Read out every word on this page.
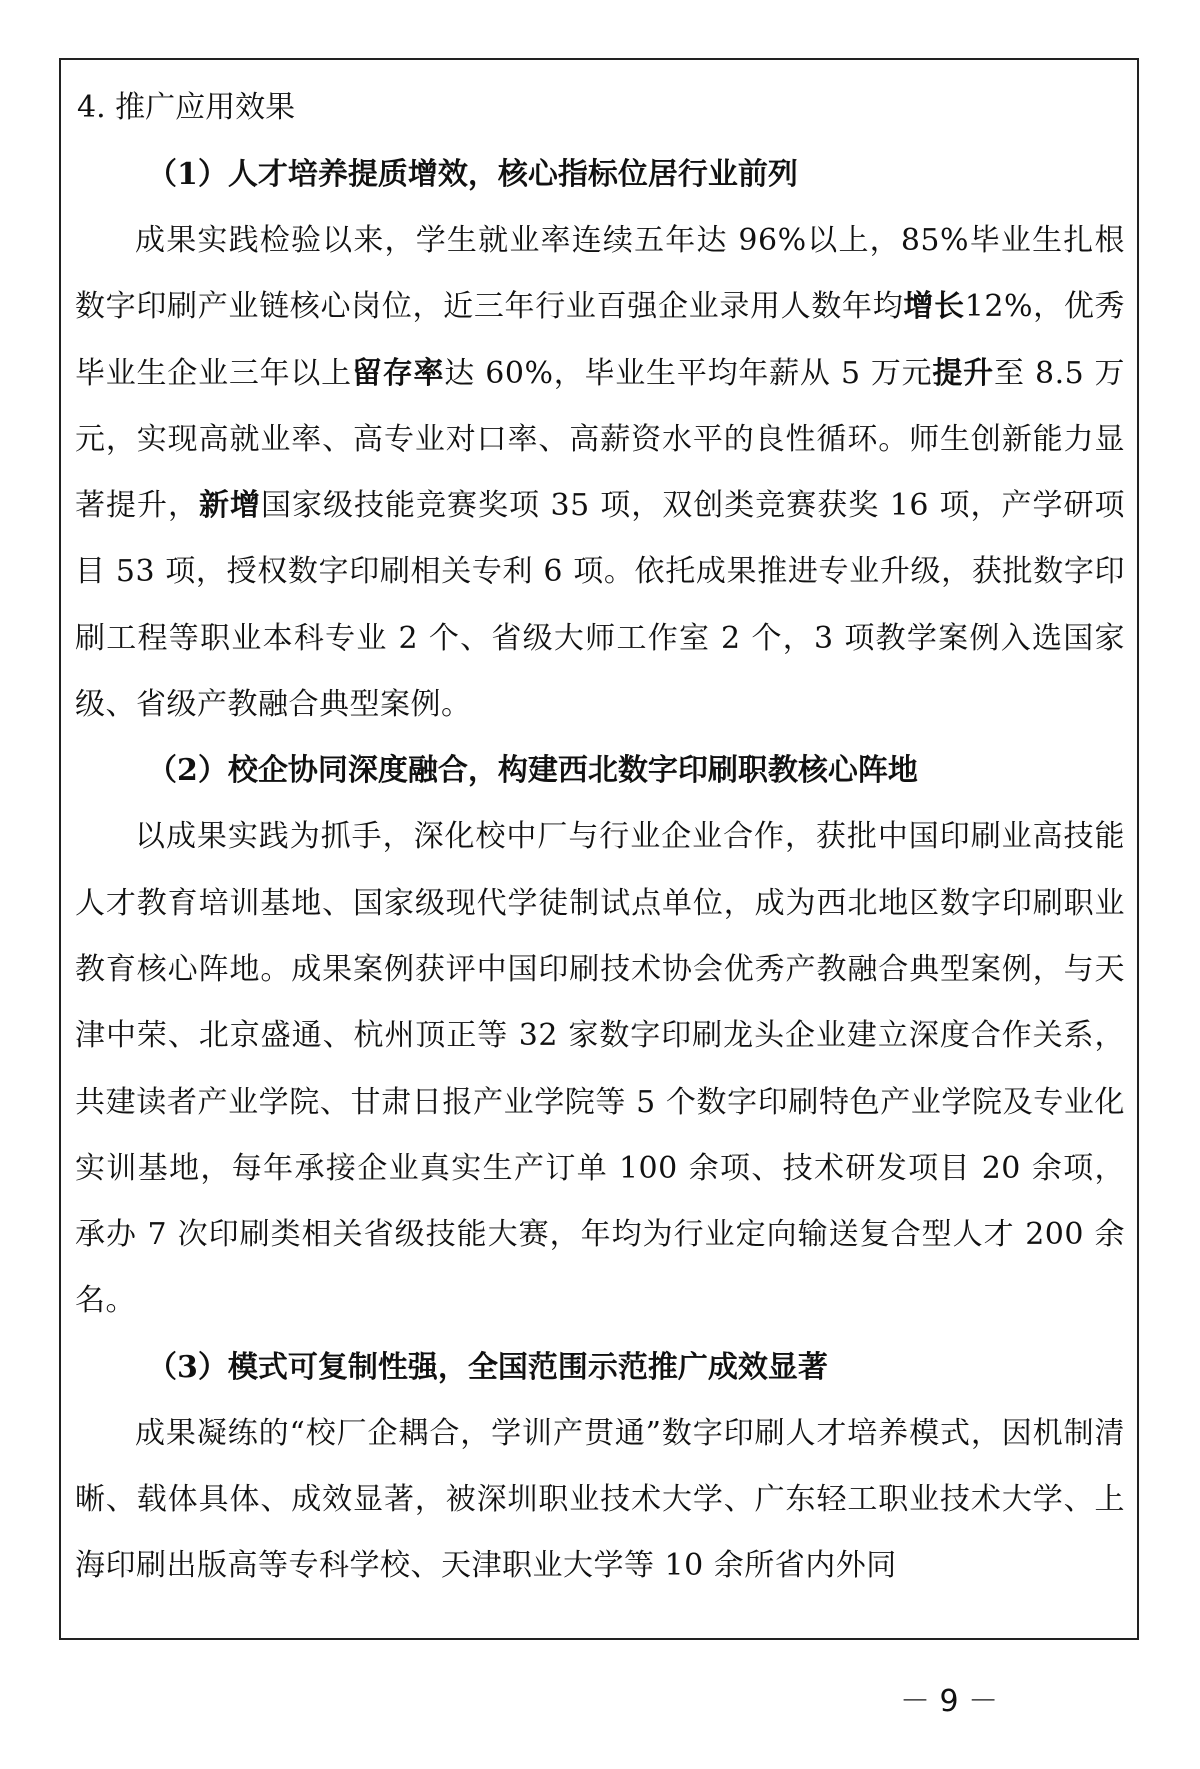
4. 推广应用效果
（1）人才培养提质增效，核心指标位居行业前列

成果实践检验以来，学生就业率连续五年达 96%以上，85%毕业生扎根数字印刷产业链核心岗位，近三年行业百强企业录用人数年均增长12%，优秀毕业生企业三年以上留存率达 60%，毕业生平均年薪从 5 万元提升至 8.5 万元，实现高就业率、高专业对口率、高薪资水平的良性循环。师生创新能力显著提升，新增国家级技能竞赛奖项 35 项，双创类竞赛获奖 16 项，产学研项目 53 项，授权数字印刷相关专利 6 项。依托成果推进专业升级，获批数字印刷工程等职业本科专业 2 个、省级大师工作室 2 个，3 项教学案例入选国家级、省级产教融合典型案例。

（2）校企协同深度融合，构建西北数字印刷职教核心阵地

以成果实践为抓手，深化校中厂与行业企业合作，获批中国印刷业高技能人才教育培训基地、国家级现代学徒制试点单位，成为西北地区数字印刷职业教育核心阵地。成果案例获评中国印刷技术协会优秀产教融合典型案例，与天津中荣、北京盛通、杭州顶正等 32 家数字印刷龙头企业建立深度合作关系，共建读者产业学院、甘肃日报产业学院等 5 个数字印刷特色产业学院及专业化实训基地，每年承接企业真实生产订单 100 余项、技术研发项目 20 余项，承办 7 次印刷类相关省级技能大赛，年均为行业定向输送复合型人才 200 余名。

（3）模式可复制性强，全国范围示范推广成效显著

成果凝练的“校厂企耦合，学训产贯通”数字印刷人才培养模式，因机制清晰、载体具体、成效显著，被深圳职业技术大学、广东轻工职业技术大学、上海印刷出版高等专科学校、天津职业大学等 10 余所省内外同

－ 9 －
